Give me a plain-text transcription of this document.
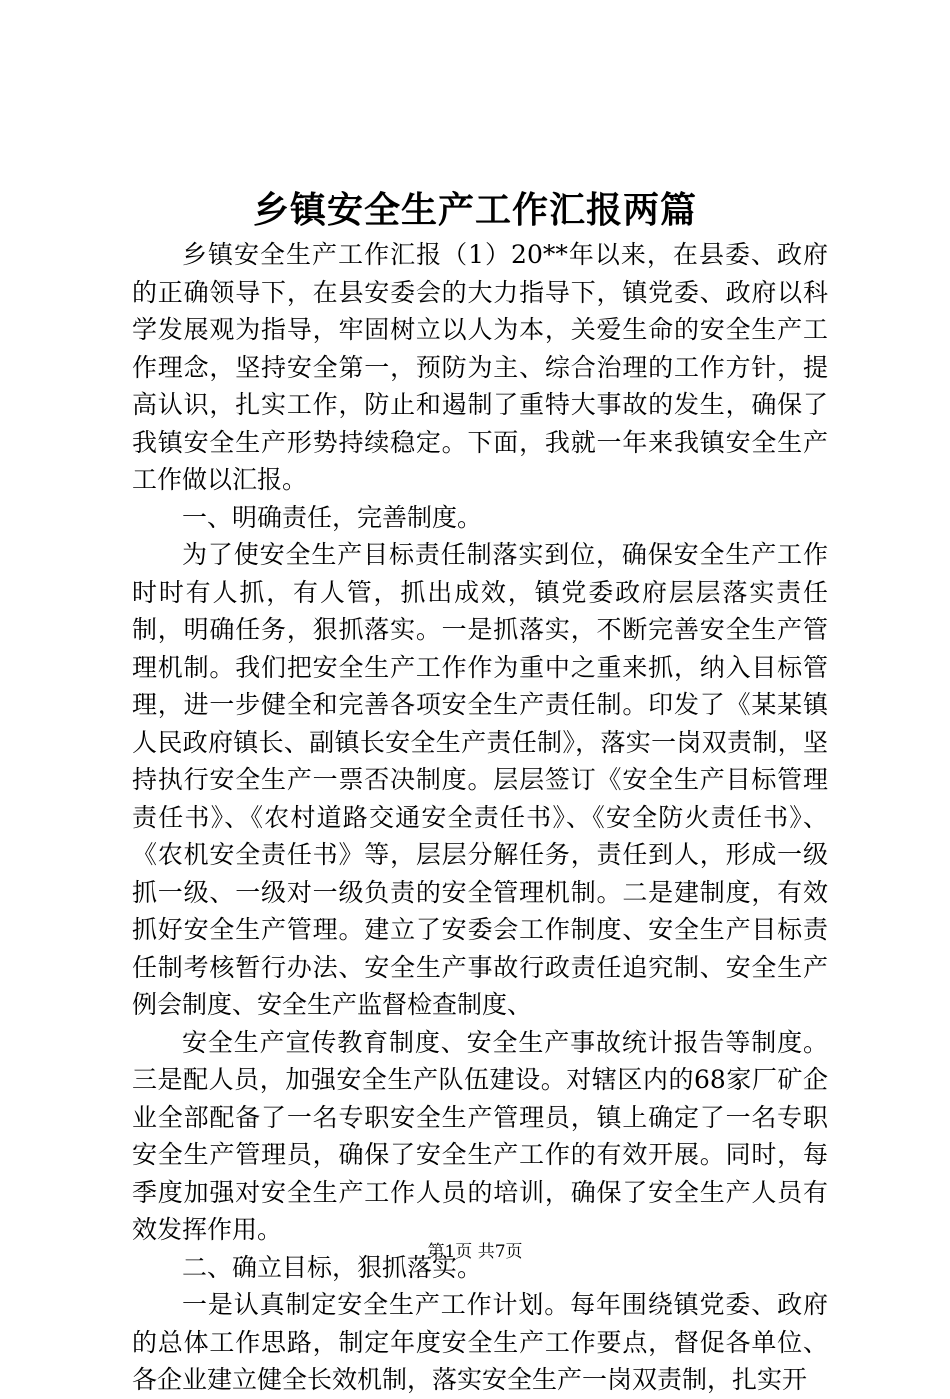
乡镇安全生产工作汇报两篇

乡镇安全生产工作汇报（1）20**年以来，在县委、政府的正确领导下，在县安委会的大力指导下，镇党委、政府以科学发展观为指导，牢固树立以人为本，关爱生命的安全生产工作理念，坚持安全第一，预防为主、综合治理的工作方针，提高认识，扎实工作，防止和遏制了重特大事故的发生，确保了我镇安全生产形势持续稳定。下面，我就一年来我镇安全生产工作做以汇报。

一、明确责任，完善制度。

为了使安全生产目标责任制落实到位，确保安全生产工作时时有人抓，有人管，抓出成效，镇党委政府层层落实责任制，明确任务，狠抓落实。一是抓落实，不断完善安全生产管理机制。我们把安全生产工作作为重中之重来抓，纳入目标管理，进一步健全和完善各项安全生产责任制。印发了《某某镇人民政府镇长、副镇长安全生产责任制》，落实一岗双责制，坚持执行安全生产一票否决制度。层层签订《安全生产目标管理责任书》、《农村道路交通安全责任书》、《安全防火责任书》、《农机安全责任书》等，层层分解任务，责任到人，形成一级抓一级、一级对一级负责的安全管理机制。二是建制度，有效抓好安全生产管理。建立了安委会工作制度、安全生产目标责任制考核暂行办法、安全生产事故行政责任追究制、安全生产例会制度、安全生产监督检查制度、

安全生产宣传教育制度、安全生产事故统计报告等制度。三是配人员，加强安全生产队伍建设。对辖区内的68家厂矿企业全部配备了一名专职安全生产管理员，镇上确定了一名专职安全生产管理员，确保了安全生产工作的有效开展。同时，每季度加强对安全生产工作人员的培训，确保了安全生产人员有效发挥作用。

二、确立目标，狠抓落实。

一是认真制定安全生产工作计划。每年围绕镇党委、政府的总体工作思路，制定年度安全生产工作要点，督促各单位、各企业建立健全长效机制，落实安全生产一岗双责制，扎实开

第1页 共7页
